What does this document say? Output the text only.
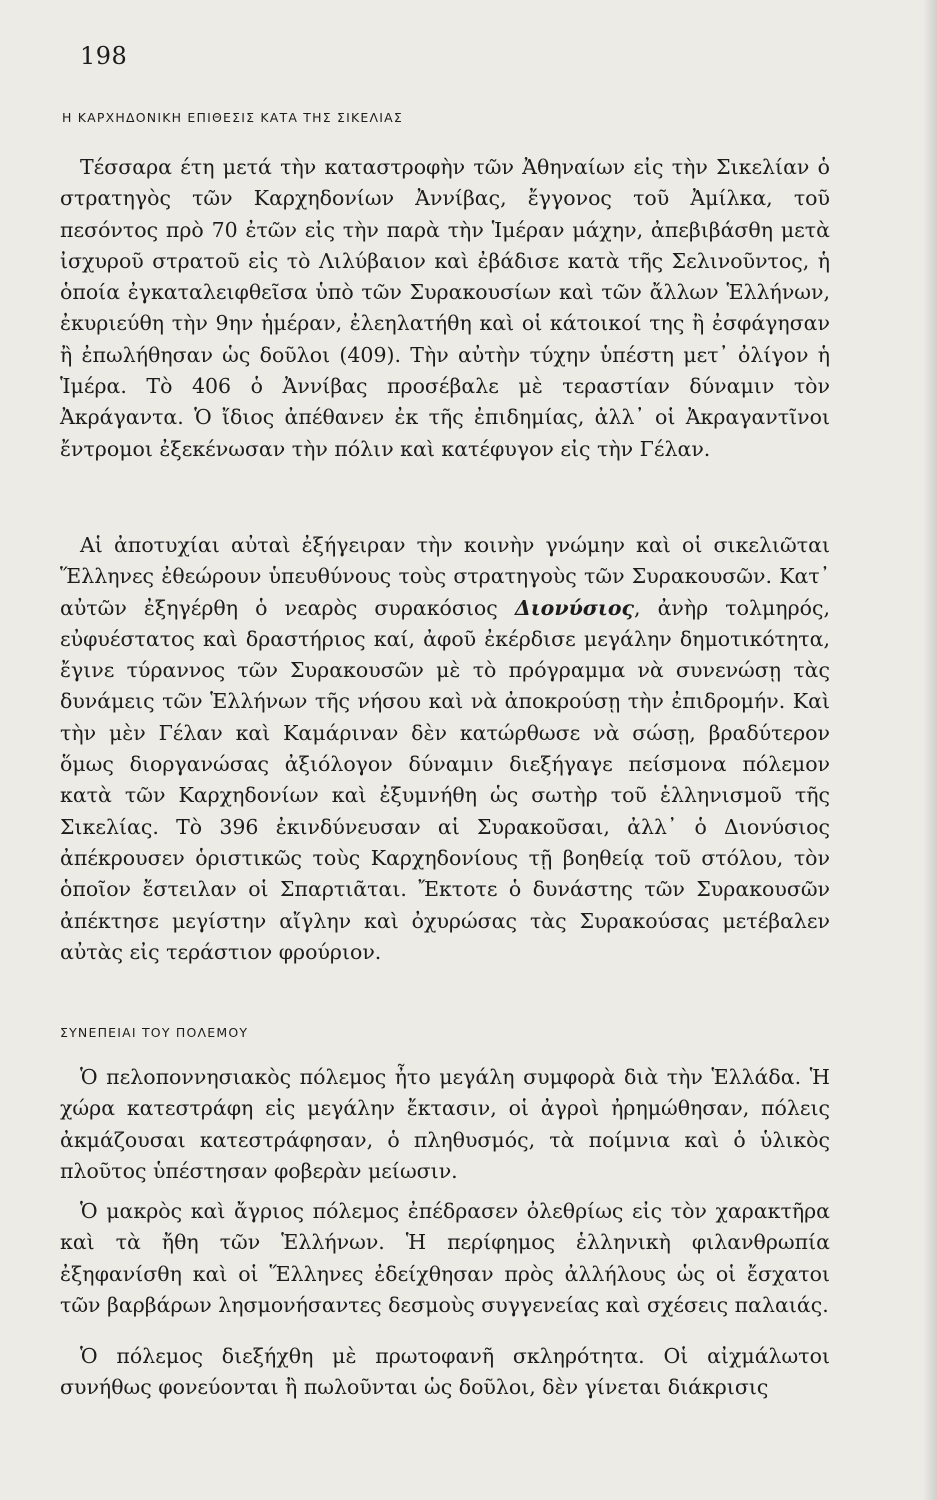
198
Η ΚΑΡΧΗΔΟΝΙΚΗ ΕΠΙΘΕΣΙΣ ΚΑΤΑ ΤΗΣ ΣΙΚΕΛΙΑΣ

Τέσσαρα έτη μετά τὴν καταστροφὴν τῶν Ἀθηναίων εἰς τὴν Σικελίαν ὁ στρατηγὸς τῶν Καρχηδονίων Ἀννίβας, ἔγγονος τοῦ Ἀμίλκα, τοῦ πεσόντος πρὸ 70 ἐτῶν εἰς τὴν παρὰ τὴν Ἱμέραν μάχην, ἀπεβιβάσθη μετὰ ἰσχυροῦ στρατοῦ εἰς τὸ Λιλύβαιον καὶ ἐβάδισε κατὰ τῆς Σελινοῦντος, ἡ ὁποία ἐγκαταλειφθεῖσα ὑπὸ τῶν Συρακουσίων καὶ τῶν ἄλλων Ἑλλήνων, ἐκυριεύθη τὴν 9ην ἡμέραν, ἐλεηλατήθη καὶ οἱ κάτοικοί της ἢ ἐσφάγησαν ἢ ἐπωλήθησαν ὡς δοῦλοι (409). Τὴν αὐτὴν τύχην ὑπέστη μετ᾽ ὀλίγον ἡ Ἱμέρα. Τὸ 406 ὁ Ἀννίβας προσέβαλε μὲ τεραστίαν δύναμιν τὸν Ἀκράγαντα. Ὁ ἴδιος ἀπέθανεν ἐκ τῆς ἐπιδημίας, ἀλλ᾽ οἱ Ἀκραγαντῖνοι ἔντρομοι ἐξεκένωσαν τὴν πόλιν καὶ κατέφυγον εἰς τὴν Γέλαν.

Αἱ ἀποτυχίαι αὐταὶ ἐξήγειραν τὴν κοινὴν γνώμην καὶ οἱ σικελιῶται Ἕλληνες ἐθεώρουν ὑπευθύνους τοὺς στρατηγοὺς τῶν Συρακουσῶν. Κατ᾽ αὐτῶν ἐξηγέρθη ὁ νεαρὸς συρακόσιος Διονύσιος, ἀνὴρ τολμηρός, εὐφυέστατος καὶ δραστήριος καί, ἀφοῦ ἐκέρδισε μεγάλην δημοτικότητα, ἔγινε τύραννος τῶν Συρακουσῶν μὲ τὸ πρόγραμμα νὰ συνενώσῃ τὰς δυνάμεις τῶν Ἑλλήνων τῆς νήσου καὶ νὰ ἀποκρούσῃ τὴν ἐπιδρομήν. Καὶ τὴν μὲν Γέλαν καὶ Καμάριναν δὲν κατώρθωσε νὰ σώσῃ, βραδύτερον ὅμως διοργανώσας ἀξιόλογον δύναμιν διεξήγαγε πείσμονα πόλεμον κατὰ τῶν Καρχηδονίων καὶ ἐξυμνήθη ὡς σωτὴρ τοῦ ἑλληνισμοῦ τῆς Σικελίας. Τὸ 396 ἐκινδύνευσαν αἱ Συρακοῦσαι, ἀλλ᾽ ὁ Διονύσιος ἀπέκρουσεν ὁριστικῶς τοὺς Καρχηδονίους τῇ βοηθείᾳ τοῦ στόλου, τὸν ὁποῖον ἔστειλαν οἱ Σπαρτιᾶται. Ἔκτοτε ὁ δυνάστης τῶν Συρακουσῶν ἀπέκτησε μεγίστην αἴγλην καὶ ὀχυρώσας τὰς Συρακούσας μετέβαλεν αὐτὰς εἰς τεράστιον φρούριον.

ΣΥΝΕΠΕΙΑΙ ΤΟΥ ΠΟΛΕΜΟΥ

Ὁ πελοποννησιακὸς πόλεμος ἦτο μεγάλη συμφορὰ διὰ τὴν Ἑλλάδα. Ἡ χώρα κατεστράφη εἰς μεγάλην ἔκτασιν, οἱ ἀγροὶ ἠρημώθησαν, πόλεις ἀκμάζουσαι κατεστράφησαν, ὁ πληθυσμός, τὰ ποίμνια καὶ ὁ ὑλικὸς πλοῦτος ὑπέστησαν φοβερὰν μείωσιν.

Ὁ μακρὸς καὶ ἄγριος πόλεμος ἐπέδρασεν ὀλεθρίως εἰς τὸν χαρακτῆρα καὶ τὰ ἤθη τῶν Ἑλλήνων. Ἡ περίφημος ἑλληνικὴ φιλανθρωπία ἐξηφανίσθη καὶ οἱ Ἕλληνες ἐδείχθησαν πρὸς ἀλλήλους ὡς οἱ ἔσχατοι τῶν βαρβάρων λησμονήσαντες δεσμοὺς συγγενείας καὶ σχέσεις παλαιάς.

Ὁ πόλεμος διεξήχθη μὲ πρωτοφανῆ σκληρότητα. Οἱ αἰχμάλωτοι συνήθως φονεύονται ἢ πωλοῦνται ὡς δοῦλοι, δὲν γίνεται διάκρισις
